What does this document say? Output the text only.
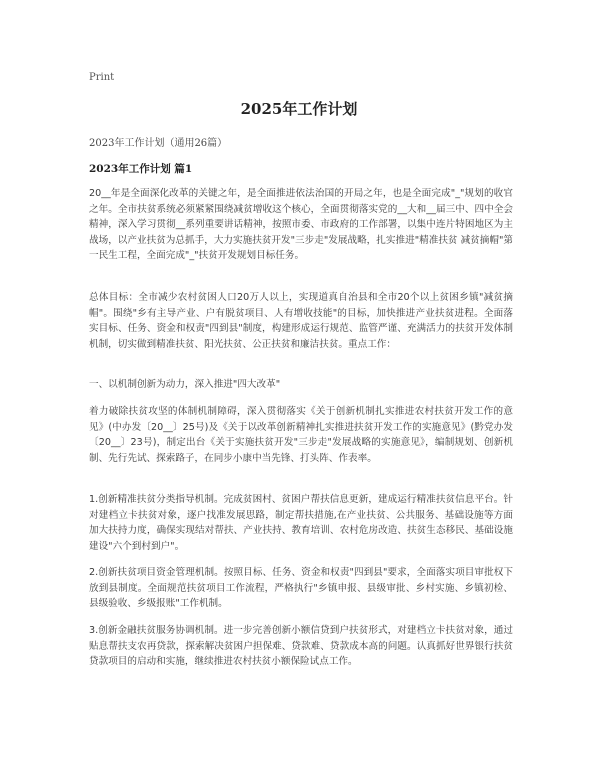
Print
2025年工作计划
2023年工作计划（通用26篇）
2023年工作计划 篇1
20__年是全面深化改革的关键之年，是全面推进依法治国的开局之年，也是全面完成"_"规划的收官之年。全市扶贫系统必须紧紧围绕减贫增收这个核心，全面贯彻落实党的__大和__届三中、四中全会精神，深入学习贯彻__系列重要讲话精神，按照市委、市政府的工作部署，以集中连片特困地区为主战场，以产业扶贫为总抓手，大力实施扶贫开发"三步走"发展战略，扎实推进"精准扶贫 减贫摘帽"第一民生工程，全面完成"_"扶贫开发规划目标任务。
总体目标：全市减少农村贫困人口20万人以上，实现道真自治县和全市20个以上贫困乡镇"减贫摘帽"。围绕"乡有主导产业、户有脱贫项目、人有增收技能"的目标，加快推进产业扶贫进程。全面落实目标、任务、资金和权责"四到县"制度，构建形成运行规范、监管严谨、充满活力的扶贫开发体制机制，切实做到精准扶贫、阳光扶贫、公正扶贫和廉洁扶贫。重点工作：
一、以机制创新为动力，深入推进"四大改革"
着力破除扶贫攻坚的体制机制障碍，深入贯彻落实《关于创新机制扎实推进农村扶贫开发工作的意见》(中办发〔20__〕25号)及《关于以改革创新精神扎实推进扶贫开发工作的实施意见》(黔党办发〔20__〕23号)，制定出台《关于实施扶贫开发"三步走"发展战略的实施意见》，编制规划、创新机制、先行先试、探索路子，在同步小康中当先锋、打头阵、作表率。
1.创新精准扶贫分类指导机制。完成贫困村、贫困户帮扶信息更新，建成运行精准扶贫信息平台。针对建档立卡扶贫对象，逐户找准发展思路，制定帮扶措施,在产业扶贫、公共服务、基础设施等方面加大扶持力度，确保实现结对帮扶、产业扶持、教育培训、农村危房改造、扶贫生态移民、基础设施建设"六个到村到户"。
2.创新扶贫项目资金管理机制。按照目标、任务、资金和权责"四到县"要求，全面落实项目审批权下放到县制度。全面规范扶贫项目工作流程，严格执行"乡镇申报、县级审批、乡村实施、乡镇初检、县级验收、乡级报账"工作机制。
3.创新金融扶贫服务协调机制。进一步完善创新小额信贷到户扶贫形式，对建档立卡扶贫对象，通过贴息帮扶支农再贷款，探索解决贫困户担保难、贷款难、贷款成本高的问题。认真抓好世界银行扶贫贷款项目的启动和实施，继续推进农村扶贫小额保险试点工作。
